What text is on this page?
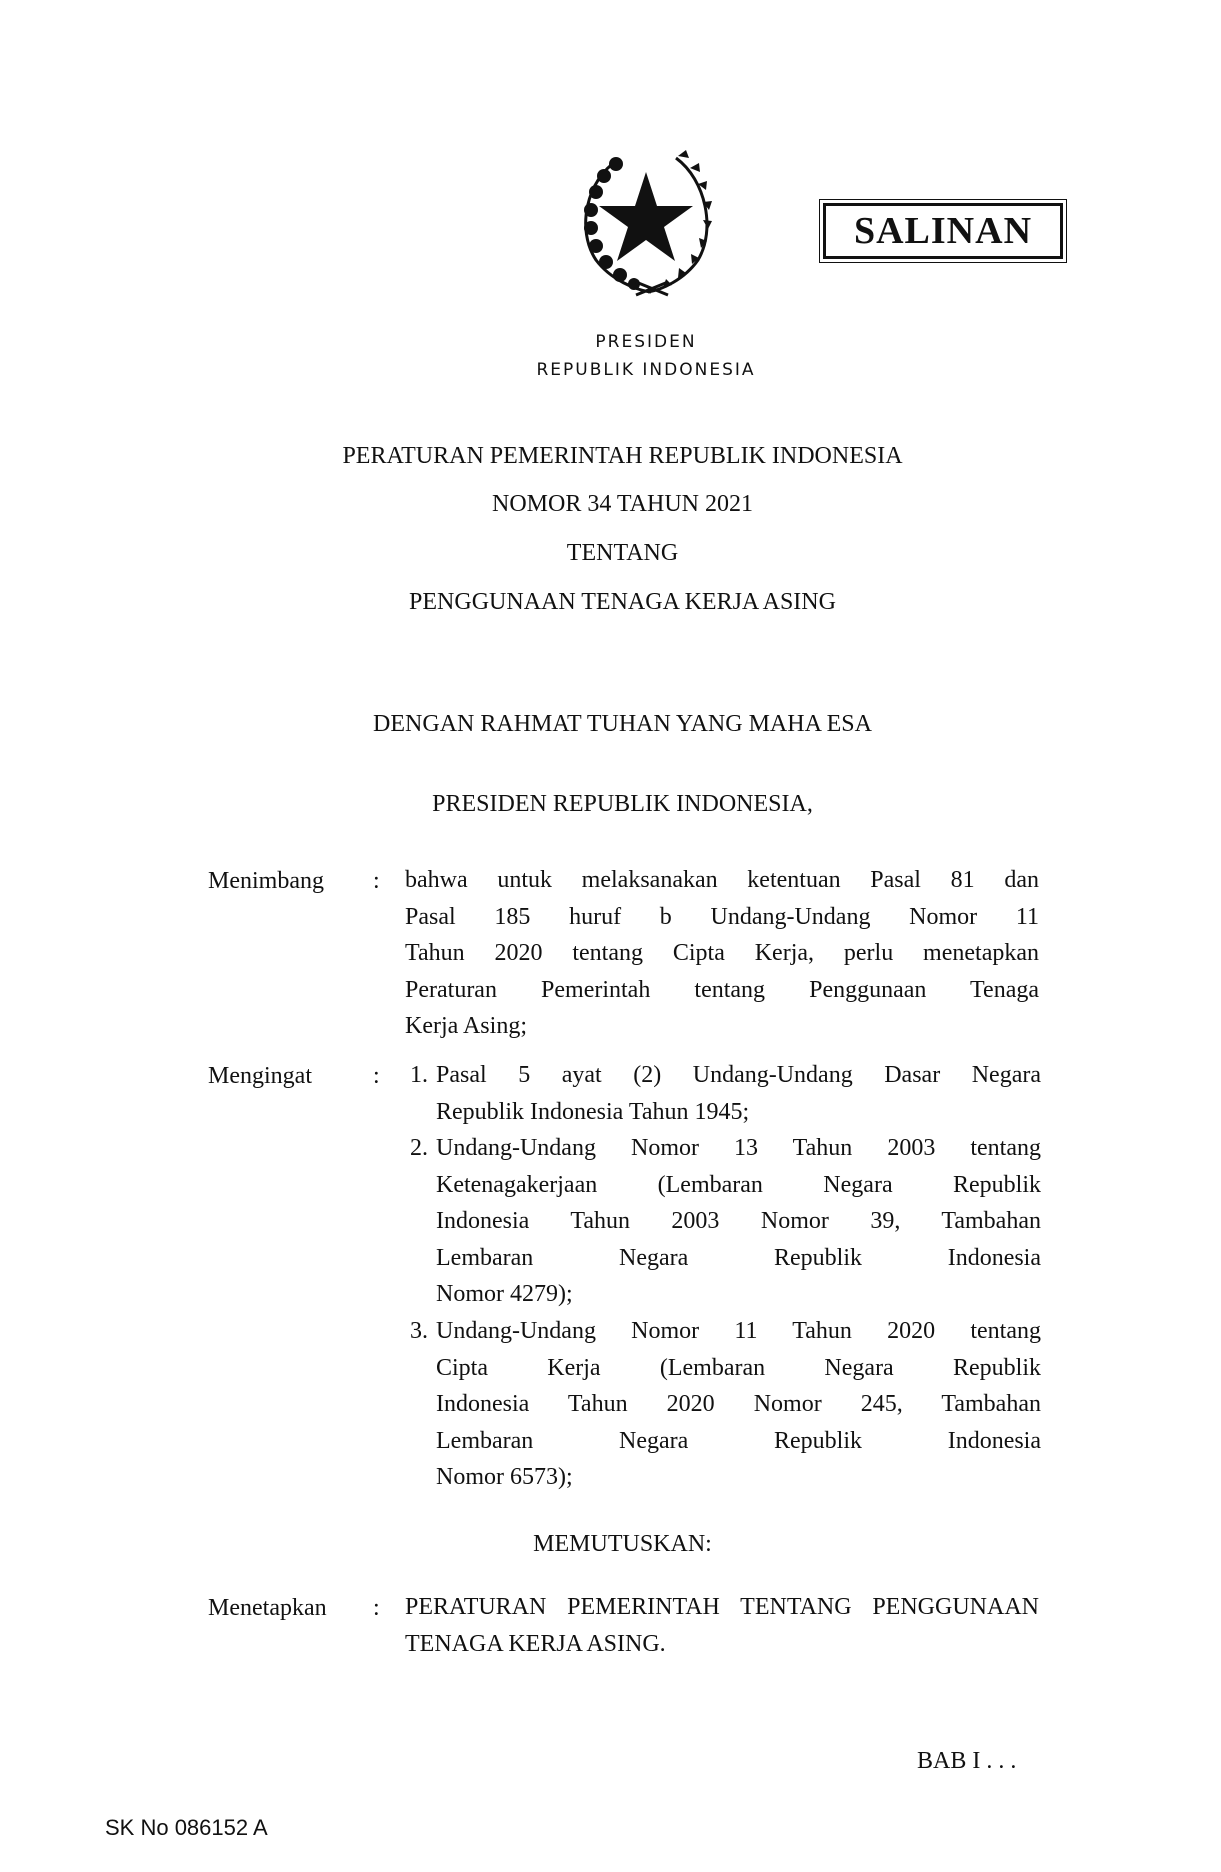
PRESIDEN
REPUBLIK INDONESIA
SALINAN
PERATURAN PEMERINTAH REPUBLIK INDONESIA
NOMOR 34 TAHUN 2021
TENTANG
PENGGUNAAN TENAGA KERJA ASING
DENGAN RAHMAT TUHAN YANG MAHA ESA
PRESIDEN REPUBLIK INDONESIA,
Menimbang : bahwa untuk melaksanakan ketentuan Pasal 81 dan
Pasal 185 huruf b Undang-Undang Nomor 11
Tahun 2020 tentang Cipta Kerja, perlu menetapkan
Peraturan Pemerintah tentang Penggunaan Tenaga
Kerja Asing;
Mengingat	:	1. Pasal 5 ayat (2) Undang-Undang Dasar Negara
Republik Indonesia Tahun 1945;
2. Undang-Undang Nomor 13 Tahun 2003 tentang
Ketenagakerjaan (Lembaran Negara Republik
Indonesia Tahun 2003 Nomor 39, Tambahan
Lembaran Negara Republik Indonesia
Nomor 4279);
3. Undang-Undang Nomor 11 Tahun 2020 tentang
Cipta Kerja (Lembaran Negara Republik
Indonesia Tahun 2020 Nomor 245, Tambahan
Lembaran Negara Republik Indonesia
Nomor 6573);
MEMUTUSKAN:
Menetapkan : PERATURAN PEMERINTAH TENTANG PENGGUNAAN
TENAGA KERJA ASING.
BAB I . . .
SK No 086152 A
